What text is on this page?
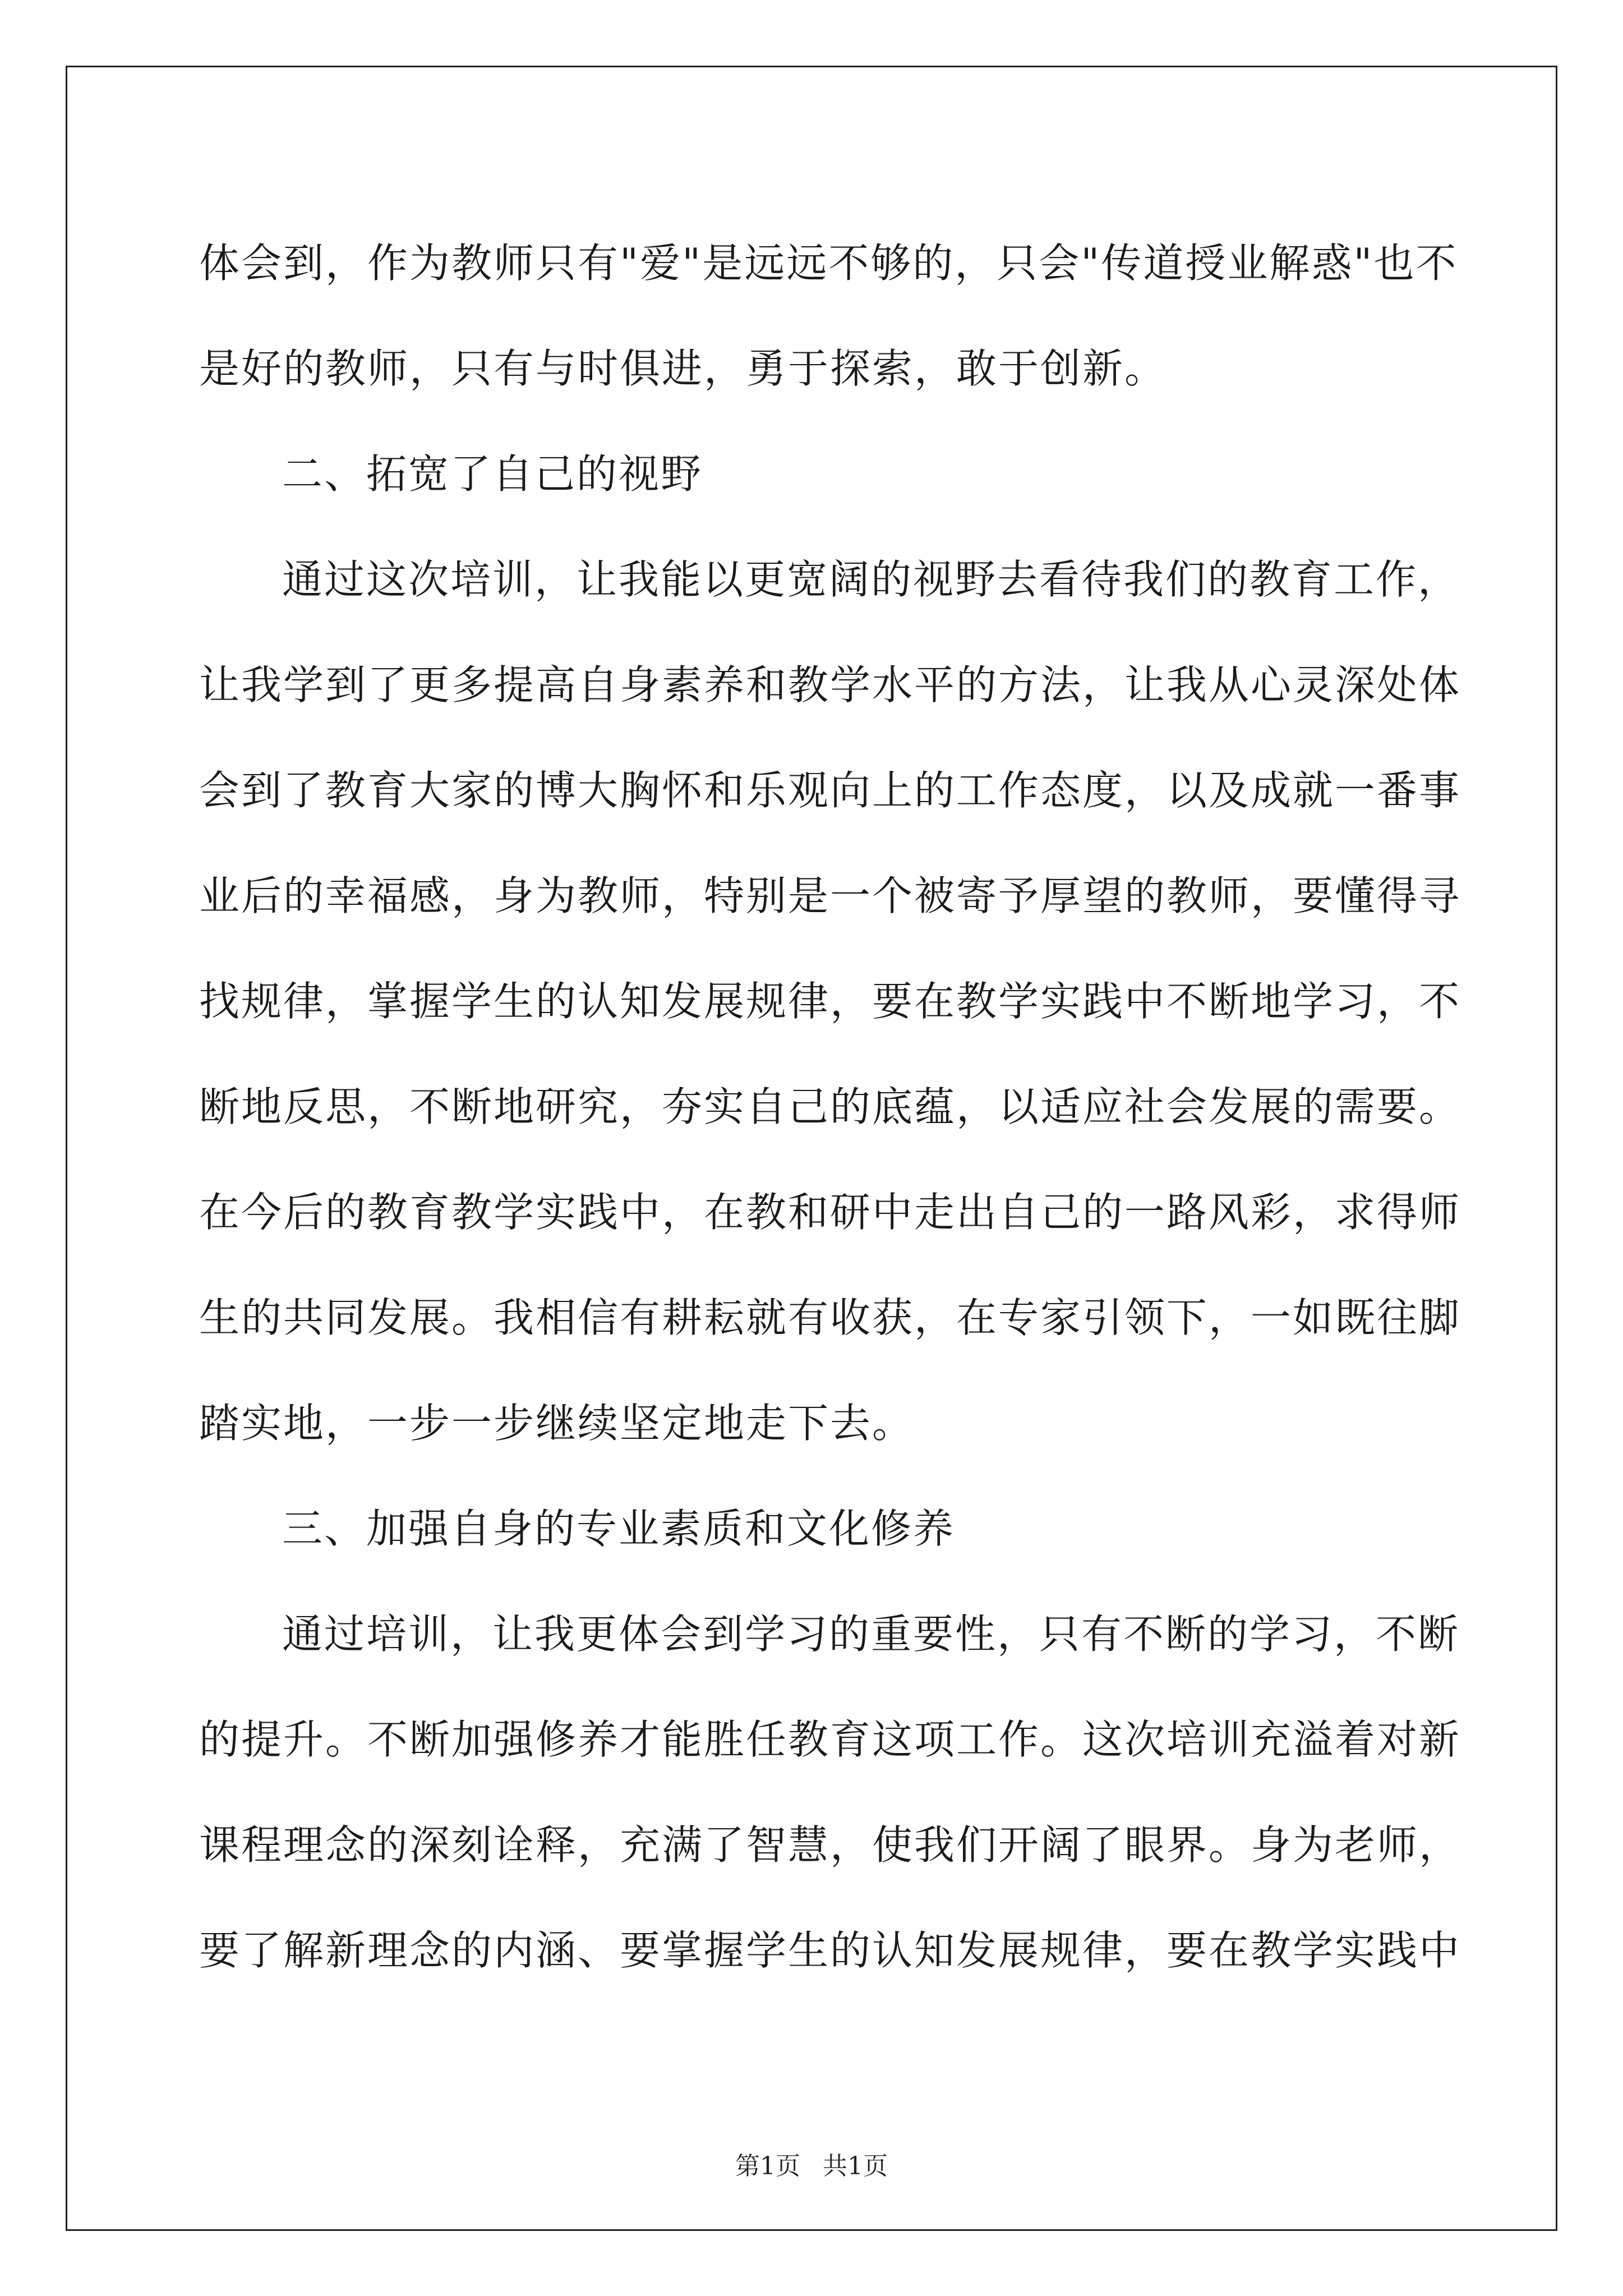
体会到，作为教师只有"爱"是远远不够的，只会"传道授业解惑"也不
是好的教师，只有与时俱进，勇于探索，敢于创新。
二、拓宽了自己的视野
通过这次培训，让我能以更宽阔的视野去看待我们的教育工作，
让我学到了更多提高自身素养和教学水平的方法，让我从心灵深处体
会到了教育大家的博大胸怀和乐观向上的工作态度，以及成就一番事
业后的幸福感，身为教师，特别是一个被寄予厚望的教师，要懂得寻
找规律，掌握学生的认知发展规律，要在教学实践中不断地学习，不
断地反思，不断地研究，夯实自己的底蕴，以适应社会发展的需要。
在今后的教育教学实践中，在教和研中走出自己的一路风彩，求得师
生的共同发展。我相信有耕耘就有收获，在专家引领下，一如既往脚
踏实地，一步一步继续坚定地走下去。
三、加强自身的专业素质和文化修养
通过培训，让我更体会到学习的重要性，只有不断的学习，不断
的提升。不断加强修养才能胜任教育这项工作。这次培训充溢着对新
课程理念的深刻诠释，充满了智慧，使我们开阔了眼界。身为老师，
要了解新理念的内涵、要掌握学生的认知发展规律，要在教学实践中
第1页 共1页
